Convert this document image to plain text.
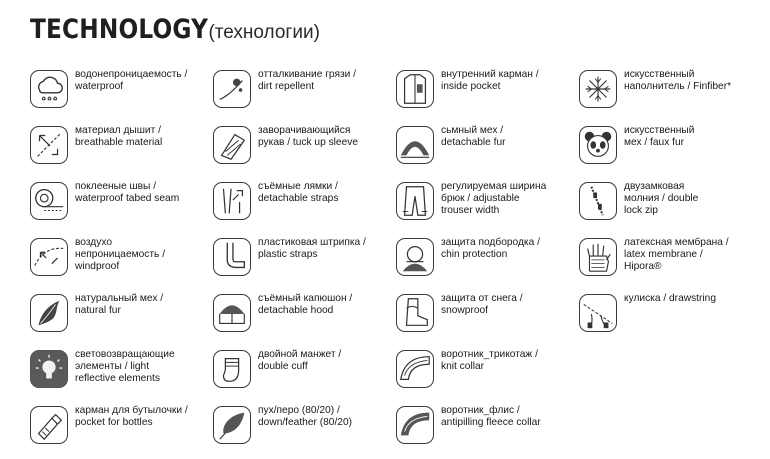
TECHNOLOGY (технологии)
водонепроницаемость /
waterproof
материал дышит /
breathable material
поклееные швы /
waterproof tabed seam
воздухо
непроницаемость /
windproof
натуральный мех /
natural fur
световозвращающие
элементы / light
reflective elements
карман для бутылочки /
pocket for bottles
отталкивание грязи /
dirt repellent
заворачивающийся
рукав / tuck up sleeve
съёмные лямки /
detachable straps
пластиковая штрипка /
plastic straps
съёмный капюшон /
detachable hood
двойной манжет /
double cuff
пух/перо (80/20) /
down/feather (80/20)
внутренний карман /
inside pocket
сьмный мех /
detachable fur
регулируемая ширина
брюк / adjustable
trouser width
защита подбородка /
chin protection
защита от снега /
snowproof
воротник_трикотаж /
knit collar
воротник_флис /
antipilling fleece collar
искусственный
наполнитель / Finfiber*
искусственный
мех / faux fur
двузамковая
молния / double
lock zip
латексная мембрана /
latex membrane /
Hipora®
кулиска / drawstring
